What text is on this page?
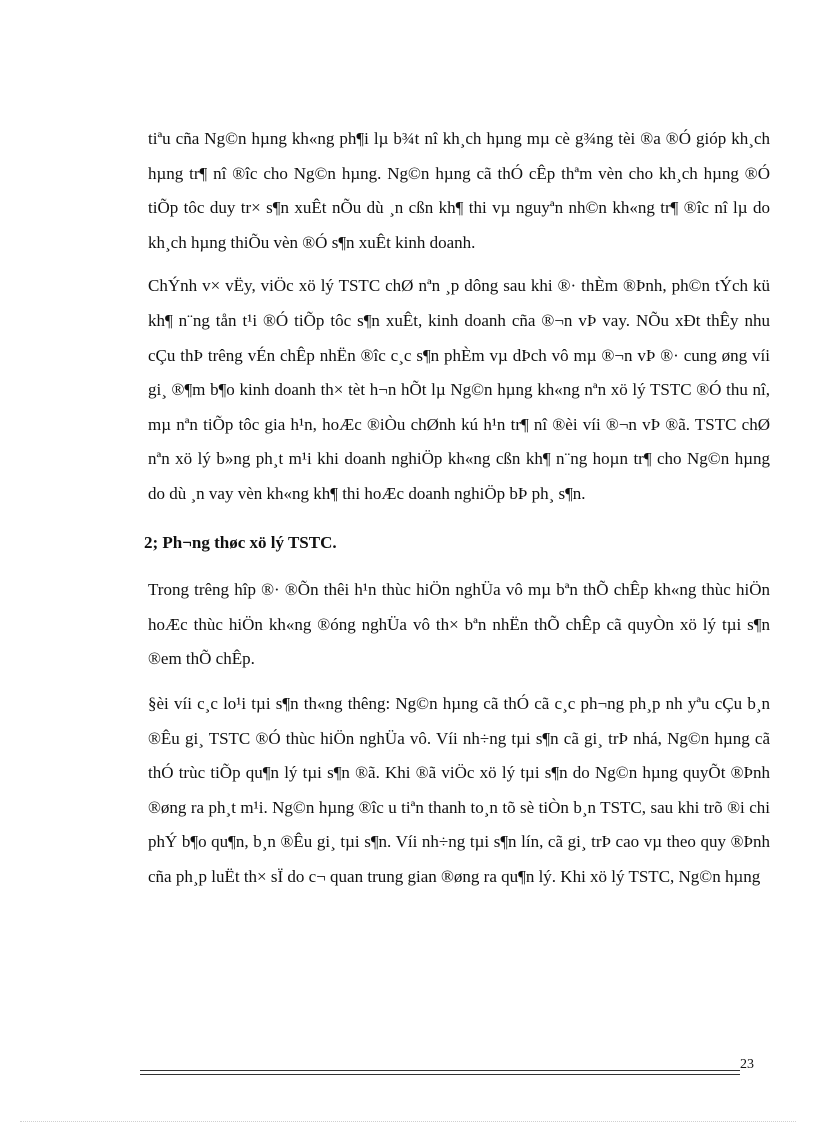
tiªu cña Ng©n hµng kh«ng ph¶i lµ b¾t nî kh¸ch hµng mµ cè g¾ng tèi ®a ®Ó gióp kh¸ch hµng tr¶ nî ®îc cho Ng©n hµng. Ng©n hµng cã thÓ cÊp thªm vèn cho kh¸ch hµng ®Ó tiÕp tôc duy tr× s¶n xuÊt nÕu dù ¸n cßn kh¶ thi vµ nguyªn nh©n kh«ng tr¶ ®îc nî lµ do kh¸ch hµng thiÕu vèn ®Ó s¶n xuÊt kinh doanh.

ChÝnh v× vËy, viÖc xö lý TSTC chØ nªn ¸p dông sau khi ®· thÈm ®Þnh, ph©n tÝch kü kh¶ n¨ng tån t¹i ®Ó tiÕp tôc s¶n xuÊt, kinh doanh cña ®¬n vÞ vay. NÕu xÐt thÊy nhu cÇu thÞ trêng vÉn chÊp nhËn ®îc c¸c s¶n phÈm vµ dÞch vô mµ ®¬n vÞ ®· cung øng víi gi¸ ®¶m b¶o kinh doanh th× tèt h¬n hÕt lµ Ng©n hµng kh«ng nªn xö lý TSTC ®Ó thu nî, mµ nªn tiÕp tôc gia h¹n, hoÆc ®iÒu chØnh kú h¹n tr¶ nî ®èi víi ®¬n vÞ ®ã. TSTC chØ nªn xö lý b»ng ph¸t m¹i khi doanh nghiÖp kh«ng cßn kh¶ n¨ng hoµn tr¶ cho Ng©n hµng do dù ¸n vay vèn kh«ng kh¶ thi hoÆc doanh nghiÖp bÞ ph¸ s¶n.

2; Ph¬ng thøc xö lý TSTC.

Trong trêng hîp ®· ®Õn thêi h¹n thùc hiÖn nghÜa vô mµ bªn thÕ chÊp kh«ng thùc hiÖn hoÆc thùc hiÖn kh«ng ®óng nghÜa vô th× bªn nhËn thÕ chÊp cã quyÒn xö lý tµi s¶n ®em thÕ chÊp.

§èi víi c¸c lo¹i tµi s¶n th«ng thêng: Ng©n hµng cã thÓ cã c¸c ph¬ng ph¸p nh yªu cÇu b¸n ®Êu gi¸ TSTC ®Ó thùc hiÖn nghÜa vô. Víi nh÷ng tµi s¶n cã gi¸ trÞ nhá, Ng©n hµng cã thÓ trùc tiÕp qu¶n lý tµi s¶n ®ã. Khi ®ã viÖc xö lý tµi s¶n do Ng©n hµng quyÕt ®Þnh ®øng ra ph¸t m¹i. Ng©n hµng ®îc u tiªn thanh to¸n tõ sè tiÒn b¸n TSTC, sau khi trõ ®i chi phÝ b¶o qu¶n, b¸n ®Êu gi¸ tµi s¶n. Víi nh÷ng tµi s¶n lín, cã gi¸ trÞ cao vµ theo quy ®Þnh cña ph¸p luËt th× sÏ do c¬ quan trung gian ®øng ra qu¶n lý. Khi xö lý TSTC, Ng©n hµng

23
